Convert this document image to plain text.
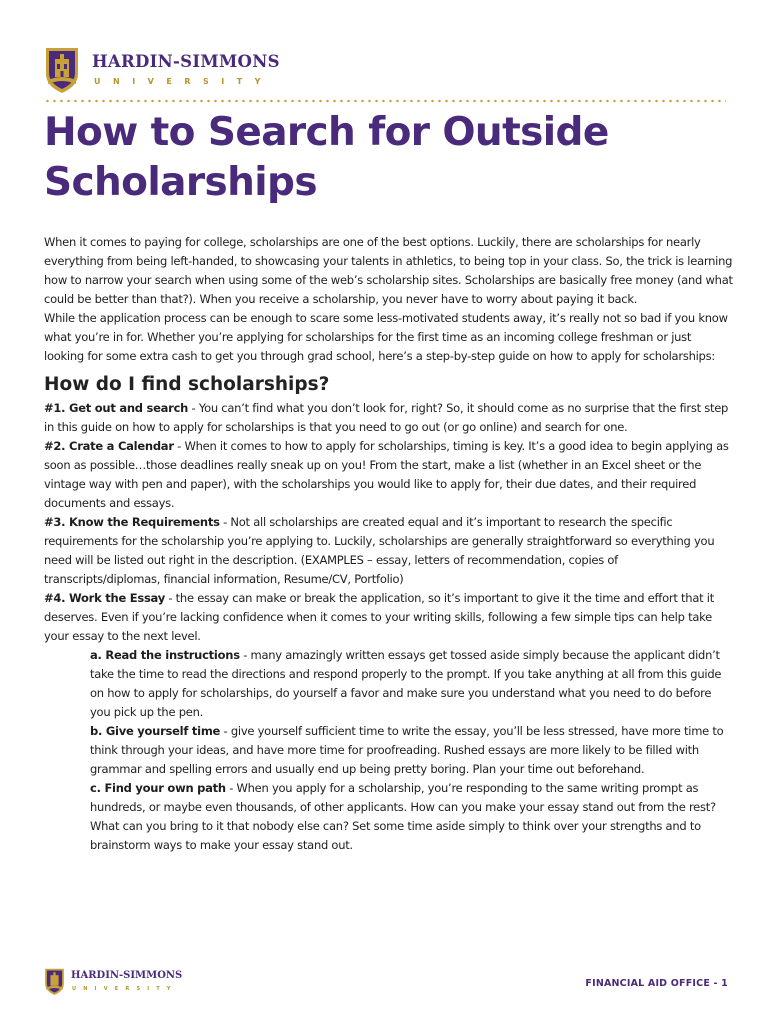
HARDIN-SIMMONS
UNIVERSITY
How to Search for Outside Scholarships

When it comes to paying for college, scholarships are one of the best options. Luckily, there are scholarships for nearly everything from being left-handed, to showcasing your talents in athletics, to being top in your class. So, the trick is learning how to narrow your search when using some of the web’s scholarship sites. Scholarships are basically free money (and what could be better than that?). When you receive a scholarship, you never have to worry about paying it back.

While the application process can be enough to scare some less-motivated students away, it’s really not so bad if you know what you’re in for. Whether you’re applying for scholarships for the first time as an incoming college freshman or just looking for some extra cash to get you through grad school, here’s a step-by-step guide on how to apply for scholarships:

How do I find scholarships?

#1. Get out and search - You can’t find what you don’t look for, right? So, it should come as no surprise that the first step in this guide on how to apply for scholarships is that you need to go out (or go online) and search for one.

#2. Crate a Calendar - When it comes to how to apply for scholarships, timing is key. It’s a good idea to begin applying as soon as possible…those deadlines really sneak up on you! From the start, make a list (whether in an Excel sheet or the vintage way with pen and paper), with the scholarships you would like to apply for, their due dates, and their required documents and essays.

#3. Know the Requirements - Not all scholarships are created equal and it’s important to research the specific requirements for the scholarship you’re applying to. Luckily, scholarships are generally straightforward so everything you need will be listed out right in the description. (EXAMPLES – essay, letters of recommendation, copies of transcripts/diplomas, financial information, Resume/CV, Portfolio)

#4. Work the Essay - the essay can make or break the application, so it’s important to give it the time and effort that it deserves. Even if you’re lacking confidence when it comes to your writing skills, following a few simple tips can help take your essay to the next level.

a. Read the instructions - many amazingly written essays get tossed aside simply because the applicant didn’t take the time to read the directions and respond properly to the prompt. If you take anything at all from this guide on how to apply for scholarships, do yourself a favor and make sure you understand what you need to do before you pick up the pen.

b. Give yourself time - give yourself sufficient time to write the essay, you’ll be less stressed, have more time to think through your ideas, and have more time for proofreading. Rushed essays are more likely to be filled with grammar and spelling errors and usually end up being pretty boring. Plan your time out beforehand.

c. Find your own path - When you apply for a scholarship, you’re responding to the same writing prompt as hundreds, or maybe even thousands, of other applicants. How can you make your essay stand out from the rest? What can you bring to it that nobody else can? Set some time aside simply to think over your strengths and to brainstorm ways to make your essay stand out.

HARDIN-SIMMONS
UNIVERSITY	FINANCIAL AID OFFICE - 1
